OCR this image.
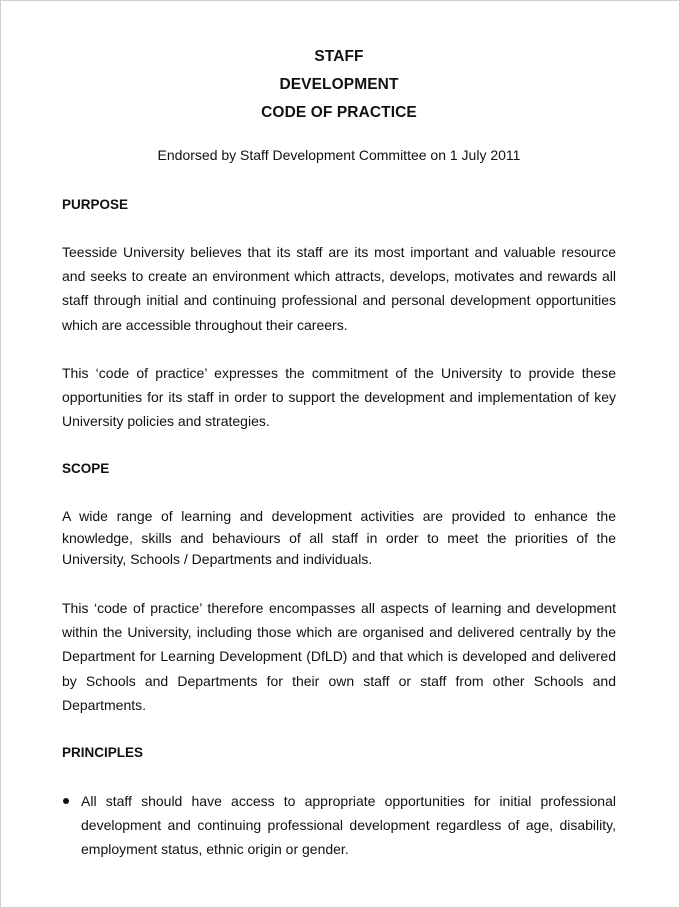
STAFF
DEVELOPMENT
CODE OF PRACTICE
Endorsed by Staff Development Committee on 1 July 2011
PURPOSE

Teesside University believes that its staff are its most important and valuable resource and seeks to create an environment which attracts, develops, motivates and rewards all staff through initial and continuing professional and personal development opportunities which are accessible throughout their careers.

This ‘code of practice’ expresses the commitment of the University to provide these opportunities for its staff in order to support the development and implementation of key University policies and strategies.

SCOPE

A wide range of learning and development activities are provided to enhance the knowledge, skills and behaviours of all staff in order to meet the priorities of the University, Schools / Departments and individuals.

This ‘code of practice’ therefore encompasses all aspects of learning and development within the University, including those which are organised and delivered centrally by the Department for Learning Development (DfLD) and that which is developed and delivered by Schools and Departments for their own staff or staff from other Schools and Departments.

PRINCIPLES
All staff should have access to appropriate opportunities for initial professional development and continuing professional development regardless of age, disability, employment status, ethnic origin or gender.
